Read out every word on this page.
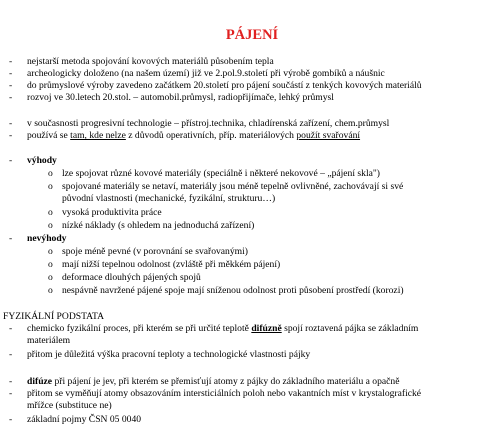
PÁJENÍ
- nejstarší metoda spojování kovových materiálů působením tepla
- archeologicky doloženo (na našem území) již ve 2.pol.9.století při výrobě gombíků a náušnic
- do průmyslové výroby zavedeno začátkem 20.století pro pájení součástí z tenkých kovových materiálů
- rozvoj ve 30.letech 20.stol. – automobil.průmysl, radiopřijímače, lehký průmysl
- v současnosti progresivní technologie – přístroj.technika, chladírenská zařízení, chem.průmysl
- používá se tam, kde nelze z důvodů operativních, příp. materiálových použít svařování
- výhody
o lze spojovat různé kovové materiály (speciálně i některé nekovové – „pájení skla")
o spojované materiály se netaví, materiály jsou méně tepelně ovlivněné, zachovávají si své
původní vlastnosti (mechanické, fyzikální, strukturu…)
o vysoká produktivita práce
o nízké náklady (s ohledem na jednoduchá zařízení)
- nevýhody
o spoje méně pevné (v porovnání se svařovanými)
o mají nižší tepelnou odolnost (zvláště při měkkém pájení)
o deformace dlouhých pájených spojů
o nespávně navržené pájené spoje mají sníženou odolnost proti působení prostředí (korozi)
FYZIKÁLNÍ PODSTATA
- chemicko fyzikální proces, při kterém se při určité teplotě difúzně spojí roztavená pájka se základním
materiálem
- přitom je důležitá výška pracovní teploty a technologické vlastnosti pájky
- difúze při pájení je jev, při kterém se přemisťují atomy z pájky do základního materiálu a opačně
- přitom se vyměňují atomy obsazováním intersticiálních poloh nebo vakantních míst v krystalografické
mřížce (substituce ne)
- základní pojmy ČSN 05 0040
